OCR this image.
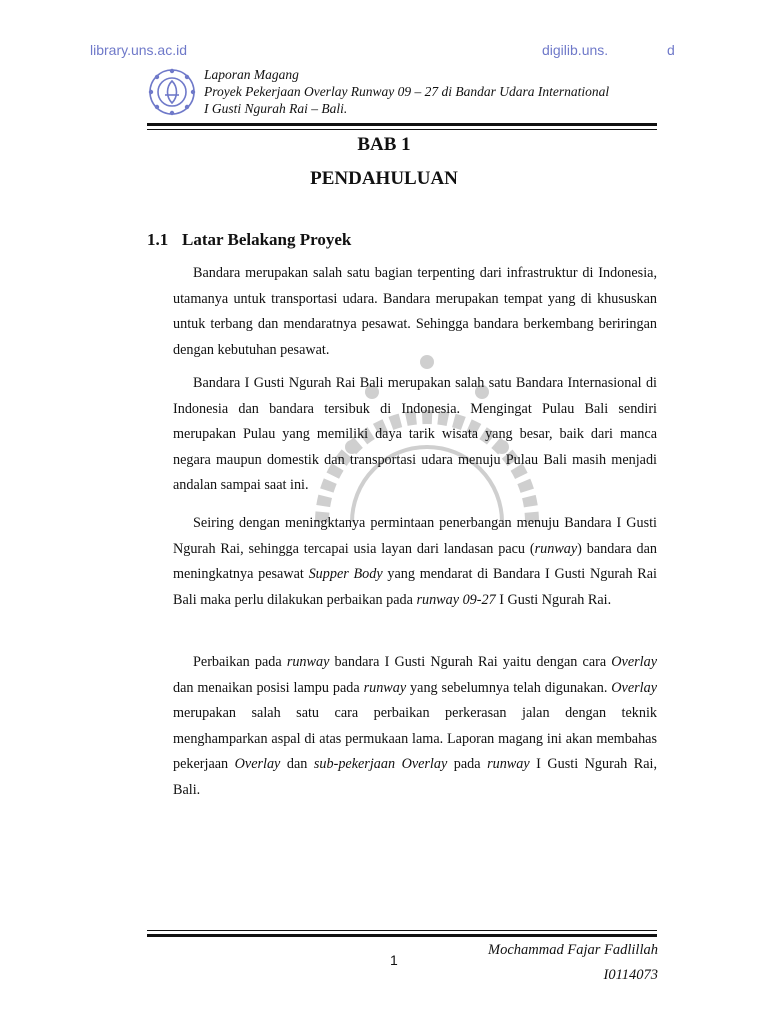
library.uns.ac.id	digilib.uns.	d
Laporan Magang
Proyek Pekerjaan Overlay Runway 09 – 27 di Bandar Udara International
I Gusti Ngurah Rai – Bali.
BAB 1
PENDAHULUAN
1.1 Latar Belakang Proyek
Bandara merupakan salah satu bagian terpenting dari infrastruktur di Indonesia, utamanya untuk transportasi udara. Bandara merupakan tempat yang di khususkan untuk terbang dan mendaratnya pesawat. Sehingga bandara berkembang beriringan dengan kebutuhan pesawat.
Bandara I Gusti Ngurah Rai Bali merupakan salah satu Bandara Internasional di Indonesia dan bandara tersibuk di Indonesia. Mengingat Pulau Bali sendiri merupakan Pulau yang memiliki daya tarik wisata yang besar, baik dari manca negara maupun domestik dan transportasi udara menuju Pulau Bali masih menjadi andalan sampai saat ini.
Seiring dengan meningktanya permintaan penerbangan menuju Bandara I Gusti Ngurah Rai, sehingga tercapai usia layan dari landasan pacu (runway) bandara dan meningkatnya pesawat Supper Body yang mendarat di Bandara I Gusti Ngurah Rai Bali maka perlu dilakukan perbaikan pada runway 09-27 I Gusti Ngurah Rai.
Perbaikan pada runway bandara I Gusti Ngurah Rai yaitu dengan cara Overlay dan menaikan posisi lampu pada runway yang sebelumnya telah digunakan. Overlay merupakan salah satu cara perbaikan perkerasan jalan dengan teknik menghamparkan aspal di atas permukaan lama. Laporan magang ini akan membahas pekerjaan Overlay dan sub-pekerjaan Overlay pada runway I Gusti Ngurah Rai, Bali.
Mochammad Fajar Fadlillah
I0114073
1
